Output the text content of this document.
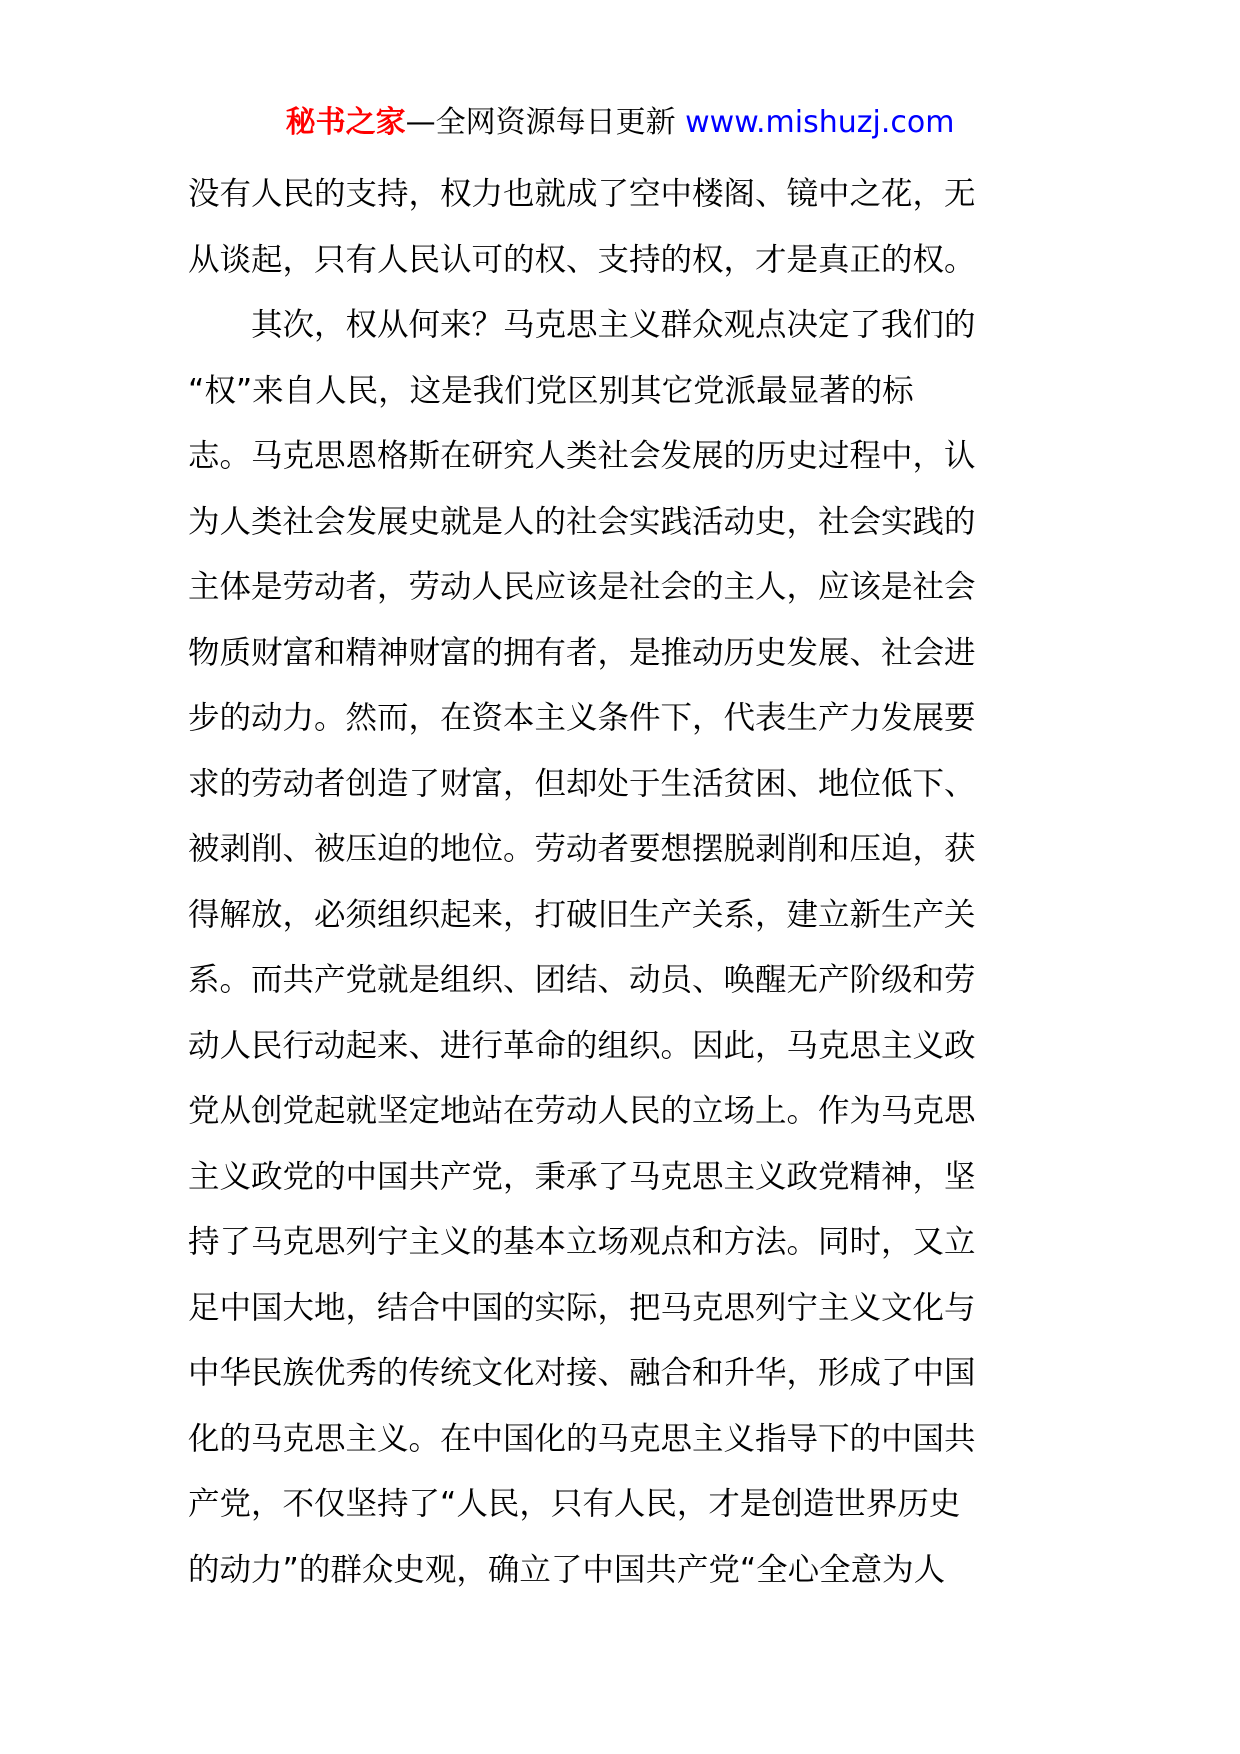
秘书之家—全网资源每日更新 www.mishuzj.com
没有人民的支持，权力也就成了空中楼阁、镜中之花，无
从谈起，只有人民认可的权、支持的权，才是真正的权。
其次，权从何来？马克思主义群众观点决定了我们的
“权”来自人民，这是我们党区别其它党派最显著的标
志。马克思恩格斯在研究人类社会发展的历史过程中，认
为人类社会发展史就是人的社会实践活动史，社会实践的
主体是劳动者，劳动人民应该是社会的主人，应该是社会
物质财富和精神财富的拥有者，是推动历史发展、社会进
步的动力。然而，在资本主义条件下，代表生产力发展要
求的劳动者创造了财富，但却处于生活贫困、地位低下、
被剥削、被压迫的地位。劳动者要想摆脱剥削和压迫，获
得解放，必须组织起来，打破旧生产关系，建立新生产关
系。而共产党就是组织、团结、动员、唤醒无产阶级和劳
动人民行动起来、进行革命的组织。因此，马克思主义政
党从创党起就坚定地站在劳动人民的立场上。作为马克思
主义政党的中国共产党，秉承了马克思主义政党精神，坚
持了马克思列宁主义的基本立场观点和方法。同时，又立
足中国大地，结合中国的实际，把马克思列宁主义文化与
中华民族优秀的传统文化对接、融合和升华，形成了中国
化的马克思主义。在中国化的马克思主义指导下的中国共
产党，不仅坚持了“人民，只有人民，才是创造世界历史
的动力”的群众史观，确立了中国共产党“全心全意为人
